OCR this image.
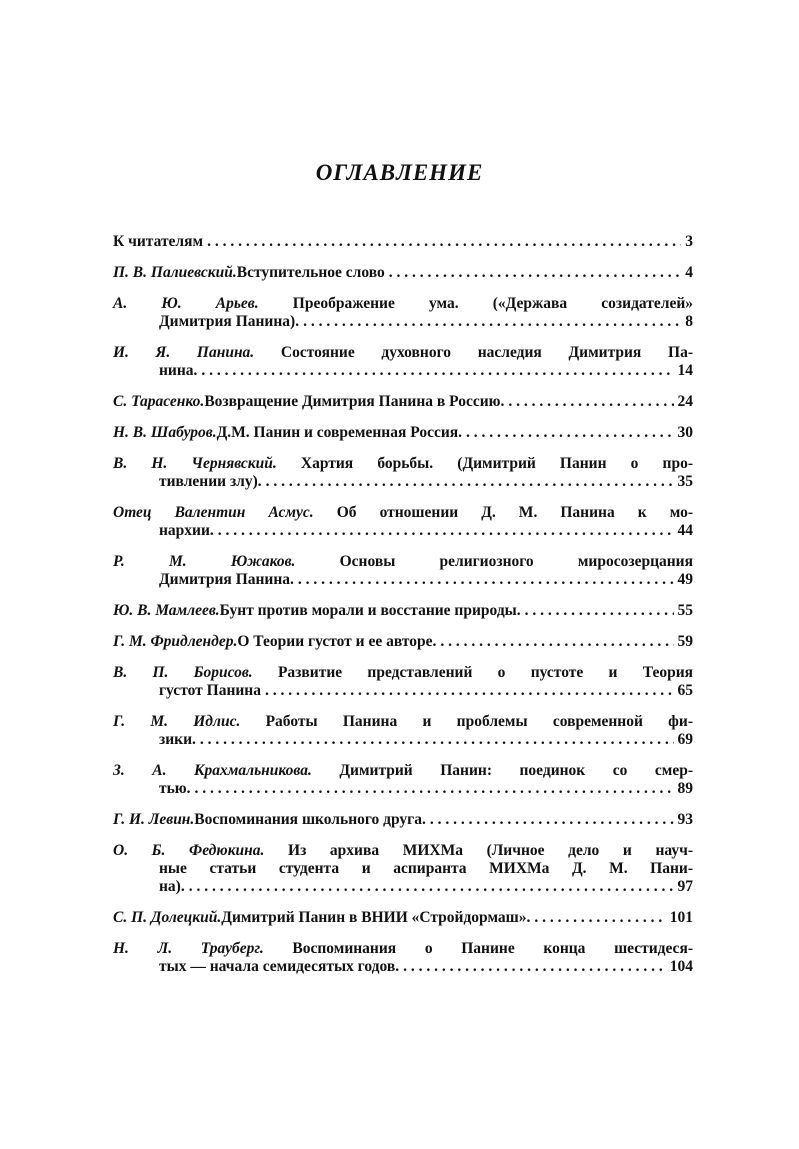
ОГЛАВЛЕНИЕ
К читателям . . .	3
П. В. Палиевский. Вступительное слово . . .	4
А. Ю. Арьев. Преображение ума. («Держава созидателей»
Димитрия Панина). . . .	8
И. Я. Панина. Состояние духовного наследия Димитрия Па-
нина. . . .	14
С. Тарасенко. Возвращение Димитрия Панина в Россию. . . .	24
Н. В. Шабуров. Д.М. Панин и современная Россия. . . .	30
В. Н. Чернявский. Хартия борьбы. (Димитрий Панин о про-
тивлении злу). . . .	35
Отец Валентин Асмус. Об отношении Д. М. Панина к мо-
нархии. . . .	44
Р. М. Южаков.	Основы религиозного миросозерцания
Димитрия Панина. . . .	49
Ю. В. Мамлеев. Бунт против морали и восстание природы. . . .	55
Г. М. Фридлендер. О Теории густот и ее авторе. . . .	59
В. П. Борисов. Развитие представлений о пустоте и Теория
густот Панина . . .	65
Г. М. Идлис. Работы Панина и проблемы современной фи-
зики. . . .	69
З. А. Крахмальникова. Димитрий Панин: поединок со смер-
тью. . . .	89
Г. И. Левин. Воспоминания школьного друга. . . .	93
О. Б. Федюкина. Из архива МИХМа (Личное дело и науч-
ные статьи студента и аспиранта МИХМа Д. М. Пани-
на). . . .	97
С. П. Долецкий. Димитрий Панин в ВНИИ «Стройдормаш». . . .	101
Н. Л. Трауберг. Воспоминания о Панине конца шестидеся-
тых — начала семидесятых годов. . . .	104
